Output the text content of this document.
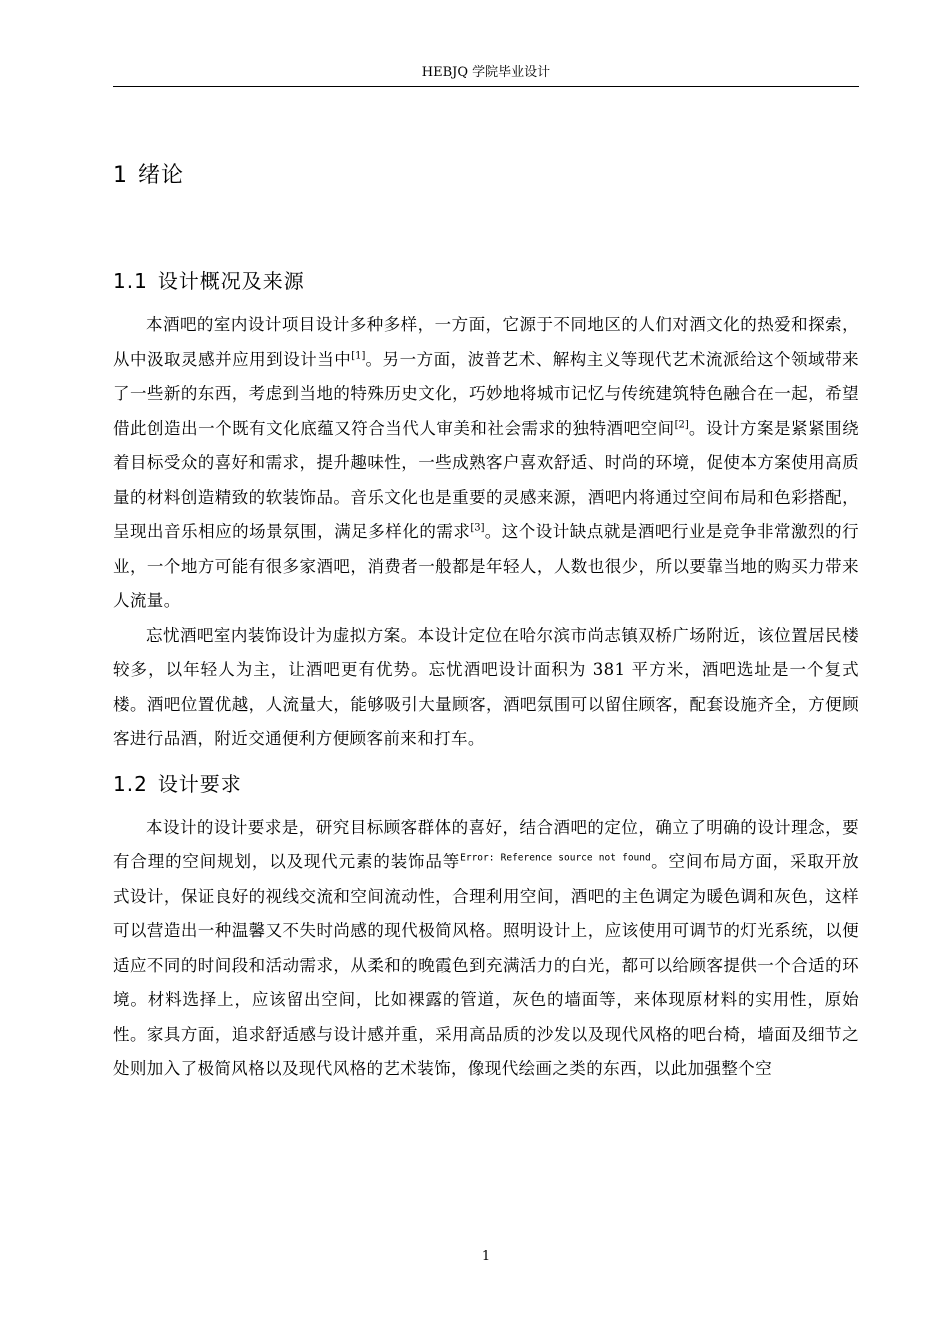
HEBJQ 学院毕业设计
1 绪论
1.1 设计概况及来源

本酒吧的室内设计项目设计多种多样，一方面，它源于不同地区的人们对酒文化的热爱和探索，从中汲取灵感并应用到设计当中[1]。另一方面，波普艺术、解构主义等现代艺术流派给这个领域带来了一些新的东西，考虑到当地的特殊历史文化，巧妙地将城市记忆与传统建筑特色融合在一起，希望借此创造出一个既有文化底蕴又符合当代人审美和社会需求的独特酒吧空间[2]。设计方案是紧紧围绕着目标受众的喜好和需求，提升趣味性，一些成熟客户喜欢舒适、时尚的环境，促使本方案使用高质量的材料创造精致的软装饰品。音乐文化也是重要的灵感来源，酒吧内将通过空间布局和色彩搭配，呈现出音乐相应的场景氛围，满足多样化的需求[3]。这个设计缺点就是酒吧行业是竞争非常激烈的行业，一个地方可能有很多家酒吧，消费者一般都是年轻人，人数也很少，所以要靠当地的购买力带来人流量。

忘忧酒吧室内装饰设计为虚拟方案。本设计定位在哈尔滨市尚志镇双桥广场附近，该位置居民楼较多，以年轻人为主，让酒吧更有优势。忘忧酒吧设计面积为 381 平方米，酒吧选址是一个复式楼。酒吧位置优越，人流量大，能够吸引大量顾客，酒吧氛围可以留住顾客，配套设施齐全，方便顾客进行品酒，附近交通便利方便顾客前来和打车。

1.2 设计要求

本设计的设计要求是，研究目标顾客群体的喜好，结合酒吧的定位，确立了明确的设计理念，要有合理的空间规划，以及现代元素的装饰品等$^{Error: Reference source not found}$。空间布局方面，采取开放式设计，保证良好的视线交流和空间流动性，合理利用空间，酒吧的主色调定为暖色调和灰色，这样可以营造出一种温馨又不失时尚感的现代极简风格。照明设计上，应该使用可调节的灯光系统，以便适应不同的时间段和活动需求，从柔和的晚霞色到充满活力的白光，都可以给顾客提供一个合适的环境。材料选择上，应该留出空间，比如裸露的管道，灰色的墙面等，来体现原材料的实用性，原始性。家具方面，追求舒适感与设计感并重，采用高品质的沙发以及现代风格的吧台椅，墙面及细节之处则加入了极简风格以及现代风格的艺术装饰，像现代绘画之类的东西，以此加强整个空

1
